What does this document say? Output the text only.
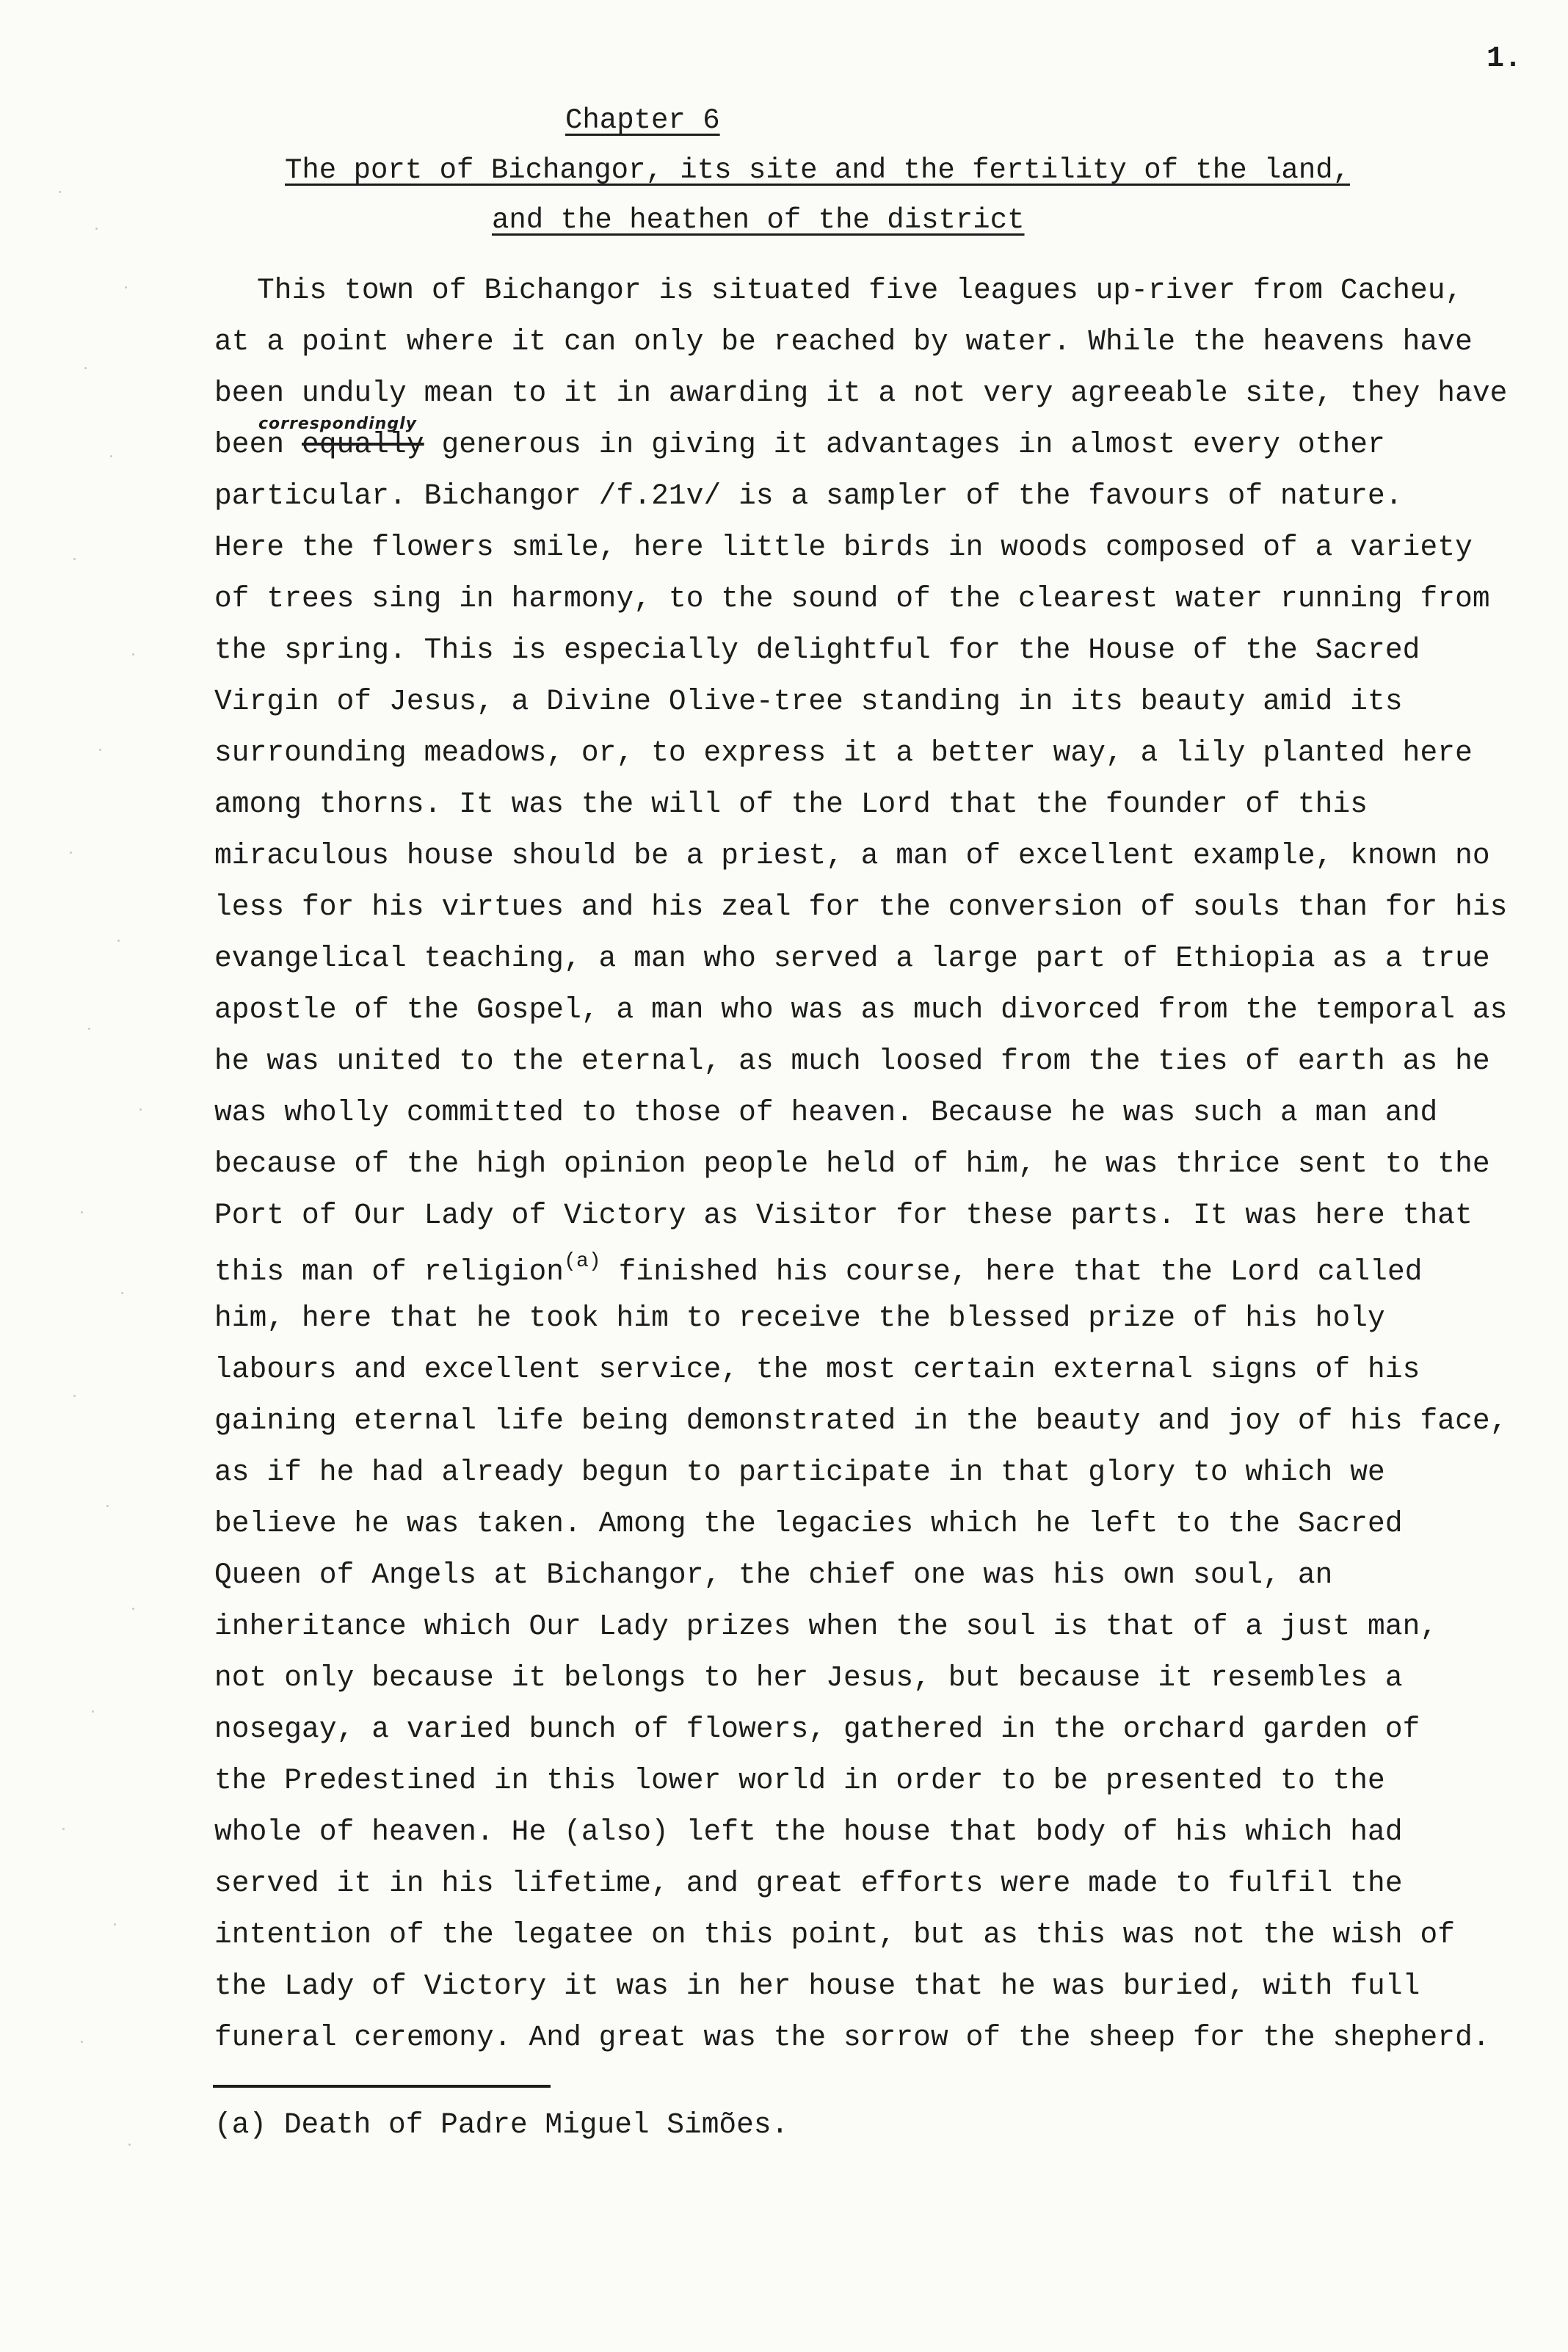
1.
Chapter 6
The port of Bichangor, its site and the fertility of the land,
and the heathen of the district
This town of Bichangor is situated five leagues up-river from Cacheu,
at a point where it can only be reached by water. While the heavens have
been unduly mean to it in awarding it a not very agreeable site, they have
correspondingly
been equally generous in giving it advantages in almost every other
particular. Bichangor /f.21v/ is a sampler of the favours of nature.
Here the flowers smile, here little birds in woods composed of a variety
of trees sing in harmony, to the sound of the clearest water running from
the spring. This is especially delightful for the House of the Sacred
Virgin of Jesus, a Divine Olive-tree standing in its beauty amid its
surrounding meadows, or, to express it a better way, a lily planted here
among thorns. It was the will of the Lord that the founder of this
miraculous house should be a priest, a man of excellent example, known no
less for his virtues and his zeal for the conversion of souls than for his
evangelical teaching, a man who served a large part of Ethiopia as a true
apostle of the Gospel, a man who was as much divorced from the temporal as
he was united to the eternal, as much loosed from the ties of earth as he
was wholly committed to those of heaven. Because he was such a man and
because of the high opinion people held of him, he was thrice sent to the
Port of Our Lady of Victory as Visitor for these parts. It was here that
this man of religion$^{(a)}$ finished his course, here that the Lord called
him, here that he took him to receive the blessed prize of his holy
labours and excellent service, the most certain external signs of his
gaining eternal life being demonstrated in the beauty and joy of his face,
as if he had already begun to participate in that glory to which we
believe he was taken. Among the legacies which he left to the Sacred
Queen of Angels at Bichangor, the chief one was his own soul, an
inheritance which Our Lady prizes when the soul is that of a just man,
not only because it belongs to her Jesus, but because it resembles a
nosegay, a varied bunch of flowers, gathered in the orchard garden of
the Predestined in this lower world in order to be presented to the
whole of heaven. He (also) left the house that body of his which had
served it in his lifetime, and great efforts were made to fulfil the
intention of the legatee on this point, but as this was not the wish of
the Lady of Victory it was in her house that he was buried, with full
funeral ceremony. And great was the sorrow of the sheep for the shepherd.
(a) Death of Padre Miguel Simões.
